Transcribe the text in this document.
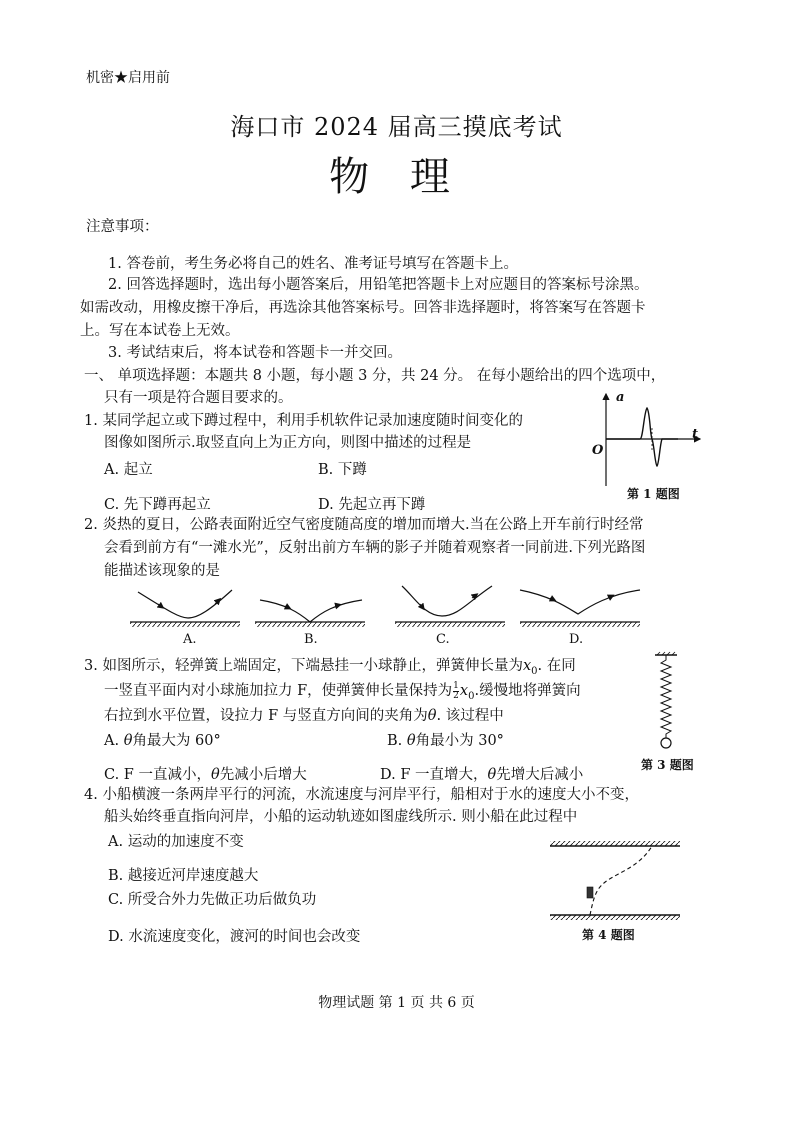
机密★启用前
海口市 2024 届高三摸底考试
物 理
注意事项：
1. 答卷前，考生务必将自己的姓名、准考证号填写在答题卡上。
2. 回答选择题时，选出每小题答案后，用铅笔把答题卡上对应题目的答案标号涂黑。
如需改动，用橡皮擦干净后，再选涂其他答案标号。回答非选择题时，将答案写在答题卡
上。写在本试卷上无效。
3. 考试结束后，将本试卷和答题卡一并交回。
一、 单项选择题：本题共 8 小题，每小题 3 分，共 24 分。 在每小题给出的四个选项中，
只有一项是符合题目要求的。
1. 某同学起立或下蹲过程中，利用手机软件记录加速度随时间变化的
图像如图所示.取竖直向上为正方向，则图中描述的过程是
A. 起立	B. 下蹲
C. 先下蹲再起立	D. 先起立再下蹲
a
t
O
第 1 题图
2. 炎热的夏日，公路表面附近空气密度随高度的增加而增大.当在公路上开车前行时经常
会看到前方有“一滩水光”，反射出前方车辆的影子并随着观察者一同前进.下列光路图
能描述该现象的是
A.	B.	C.	D.
3. 如图所示，轻弹簧上端固定，下端悬挂一小球静止，弹簧伸长量为$x_0$. 在同
一竖直平面内对小球施加拉力 F，使弹簧伸长量保持为 $\frac{1}{2} x_0$.缓慢地将弹簧向
右拉到水平位置，设拉力 F 与竖直方向间的夹角为θ. 该过程中
A. θ角最大为 60°	B. θ角最小为 30°
C. F 一直减小，θ先减小后增大	D. F 一直增大，θ先增大后减小
第 3 题图
4. 小船横渡一条两岸平行的河流，水流速度与河岸平行，船相对于水的速度大小不变，
船头始终垂直指向河岸，小船的运动轨迹如图虚线所示. 则小船在此过程中
A. 运动的加速度不变
B. 越接近河岸速度越大
C. 所受合外力先做正功后做负功
D. 水流速度变化，渡河的时间也会改变	第 4 题图
物理试题 第 1 页 共 6 页
